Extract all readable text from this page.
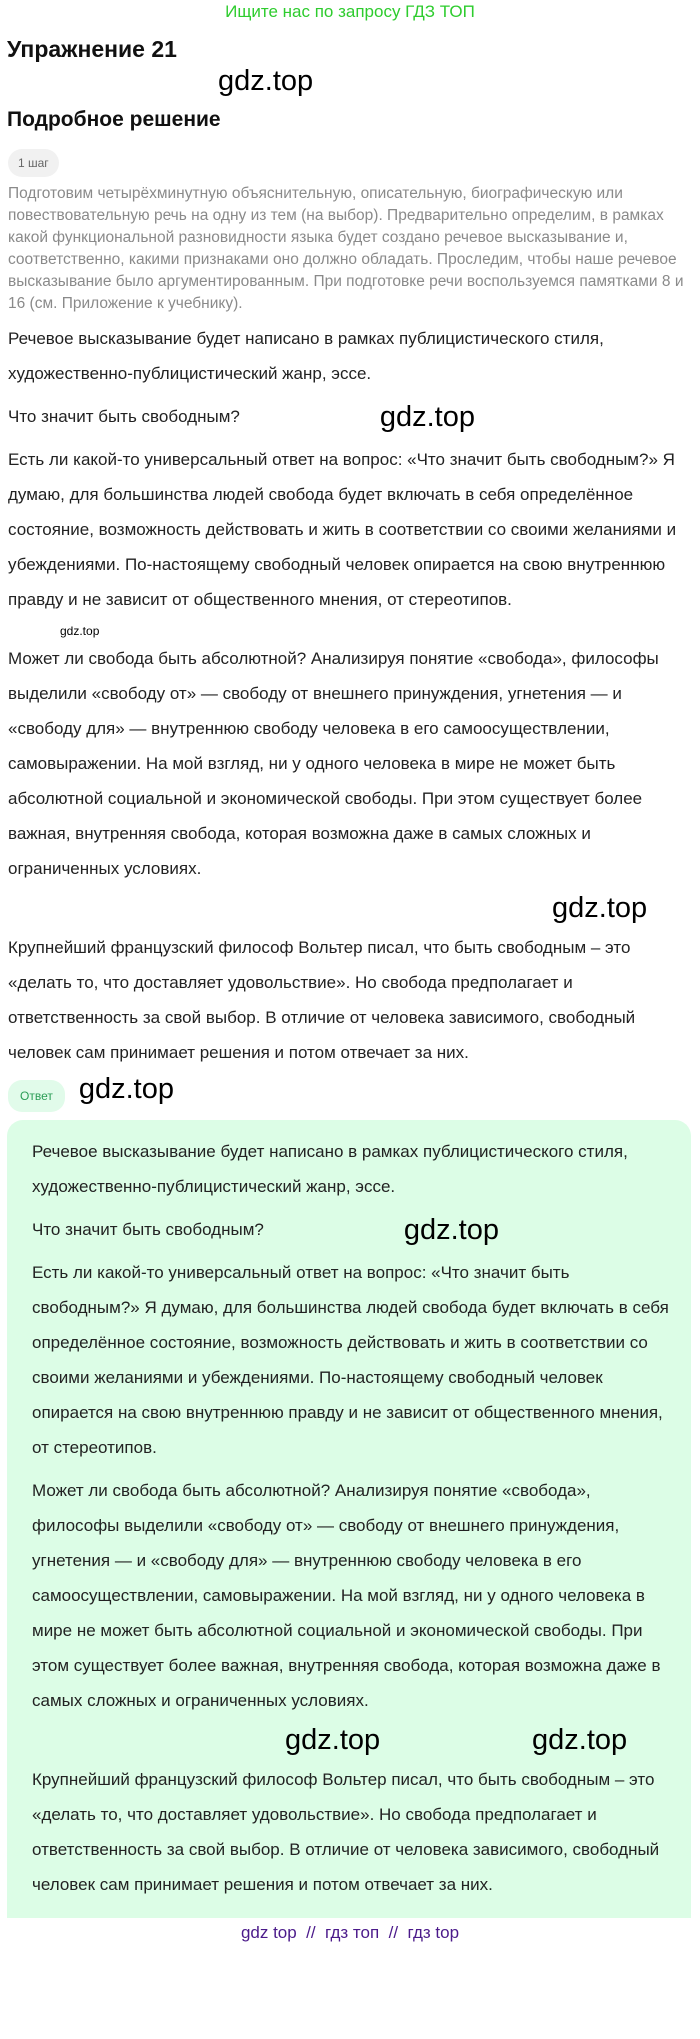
Ищите нас по запросу ГДЗ ТОП
Упражнение 21
gdz.top
Подробное решение
1 шаг

Подготовим четырёхминутную объяснительную, описательную, биографическую или повествовательную речь на одну из тем (на выбор). Предварительно определим, в рамках какой функциональной разновидности языка будет создано речевое высказывание и, соответственно, какими признаками оно должно обладать. Проследим, чтобы наше речевое высказывание было аргументированным. При подготовке речи воспользуемся памятками 8 и 16 (см. Приложение к учебнику).

Речевое высказывание будет написано в рамках публицистического стиля, художественно-публицистический жанр, эссе.

Что значит быть свободным?	gdz.top

Есть ли какой-то универсальный ответ на вопрос: «Что значит быть свободным?» Я думаю, для большинства людей свобода будет включать в себя определённое состояние, возможность действовать и жить в соответствии со своими желаниями и убеждениями. По-настоящему свободный человек опирается на свою внутреннюю правду и не зависит от общественного мнения, от стереотипов.

gdz.top

Может ли свобода быть абсолютной? Анализируя понятие «свобода», философы выделили «свободу от» — свободу от внешнего принуждения, угнетения — и «свободу для» — внутреннюю свободу человека в его самоосуществлении, самовыражении. На мой взгляд, ни у одного человека в мире не может быть абсолютной социальной и экономической свободы. При этом существует более важная, внутренняя свобода, которая возможна даже в самых сложных и ограниченных условиях.

gdz.top

Крупнейший французский философ Вольтер писал, что быть свободным – это «делать то, что доставляет удовольствие». Но свобода предполагает и ответственность за свой выбор. В отличие от человека зависимого, свободный человек сам принимает решения и потом отвечает за них.

Ответ gdz.top

Речевое высказывание будет написано в рамках публицистического стиля, художественно-публицистический жанр, эссе.

Что значит быть свободным?	gdz.top

Есть ли какой-то универсальный ответ на вопрос: «Что значит быть свободным?» Я думаю, для большинства людей свобода будет включать в себя определённое состояние, возможность действовать и жить в соответствии со своими желаниями и убеждениями. По-настоящему свободный человек опирается на свою внутреннюю правду и не зависит от общественного мнения, от стереотипов.

Может ли свобода быть абсолютной? Анализируя понятие «свобода», философы выделили «свободу от» — свободу от внешнего принуждения, угнетения — и «свободу для» — внутреннюю свободу человека в его самоосуществлении, самовыражении. На мой взгляд, ни у одного человека в мире не может быть абсолютной социальной и экономической свободы. При этом существует более важная, внутренняя свобода, которая возможна даже в самых сложных и ограниченных условиях.

gdz.top	gdz.top

Крупнейший французский философ Вольтер писал, что быть свободным – это «делать то, что доставляет удовольствие». Но свобода предполагает и ответственность за свой выбор. В отличие от человека зависимого, свободный человек сам принимает решения и потом отвечает за них.

gdz top  //  гдз топ  //  гдз top
